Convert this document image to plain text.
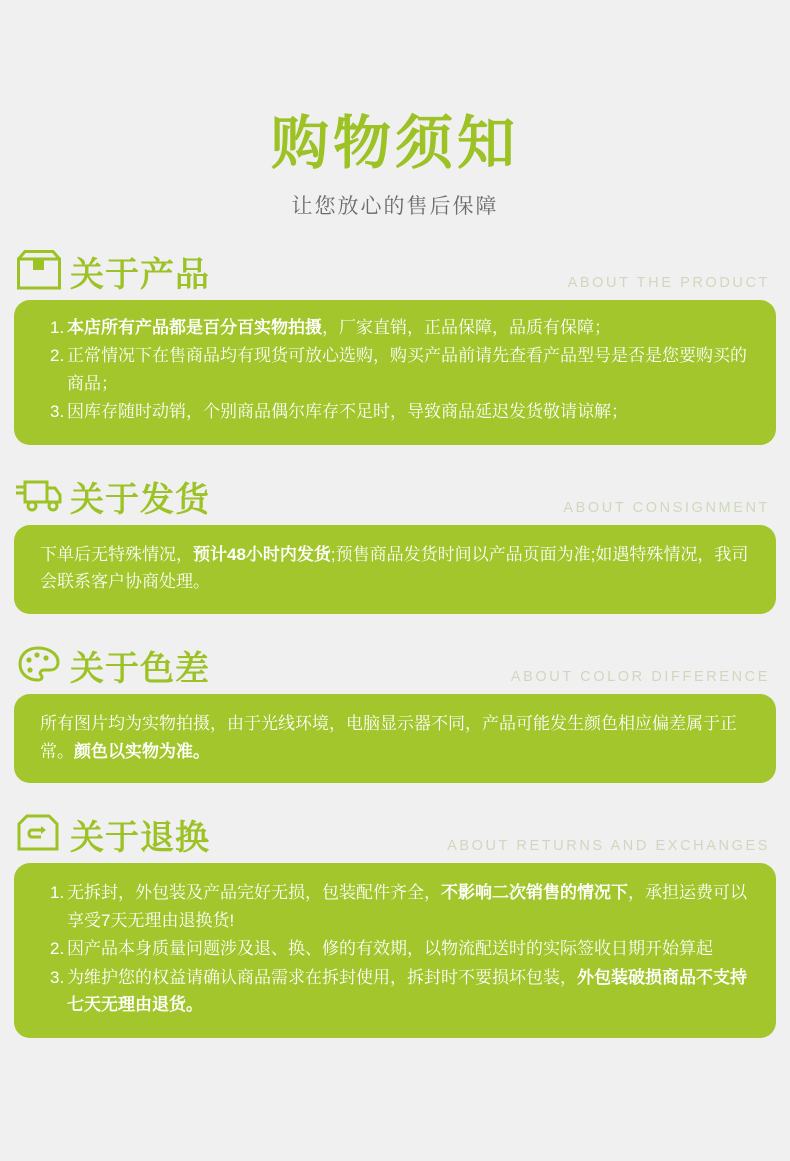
购物须知
让您放心的售后保障
关于产品	ABOUT THE PRODUCT
本店所有产品都是百分百实物拍摄，厂家直销，正品保障，品质有保障；
正常情况下在售商品均有现货可放心选购，购买产品前请先查看产品型号是否是您要购买的商品；
因库存随时动销，个别商品偶尔库存不足时，导致商品延迟发货敬请谅解；
关于发货	ABOUT CONSIGNMENT

下单后无特殊情况，预计48小时内发货;预售商品发货时间以产品页面为准;如遇特殊情况，我司会联系客户协商处理。

关于色差	ABOUT COLOR DIFFERENCE

所有图片均为实物拍摄，由于光线环境，电脑显示器不同，产品可能发生颜色相应偏差属于正常。颜色以实物为准。

关于退换	ABOUT RETURNS AND EXCHANGES
无拆封，外包装及产品完好无损，包装配件齐全，不影响二次销售的情况下，承担运费可以享受7天无理由退换货!
因产品本身质量问题涉及退、换、修的有效期，以物流配送时的实际签收日期开始算起
为维护您的权益请确认商品需求在拆封使用，拆封时不要损坏包装，外包装破损商品不支持七天无理由退货。
